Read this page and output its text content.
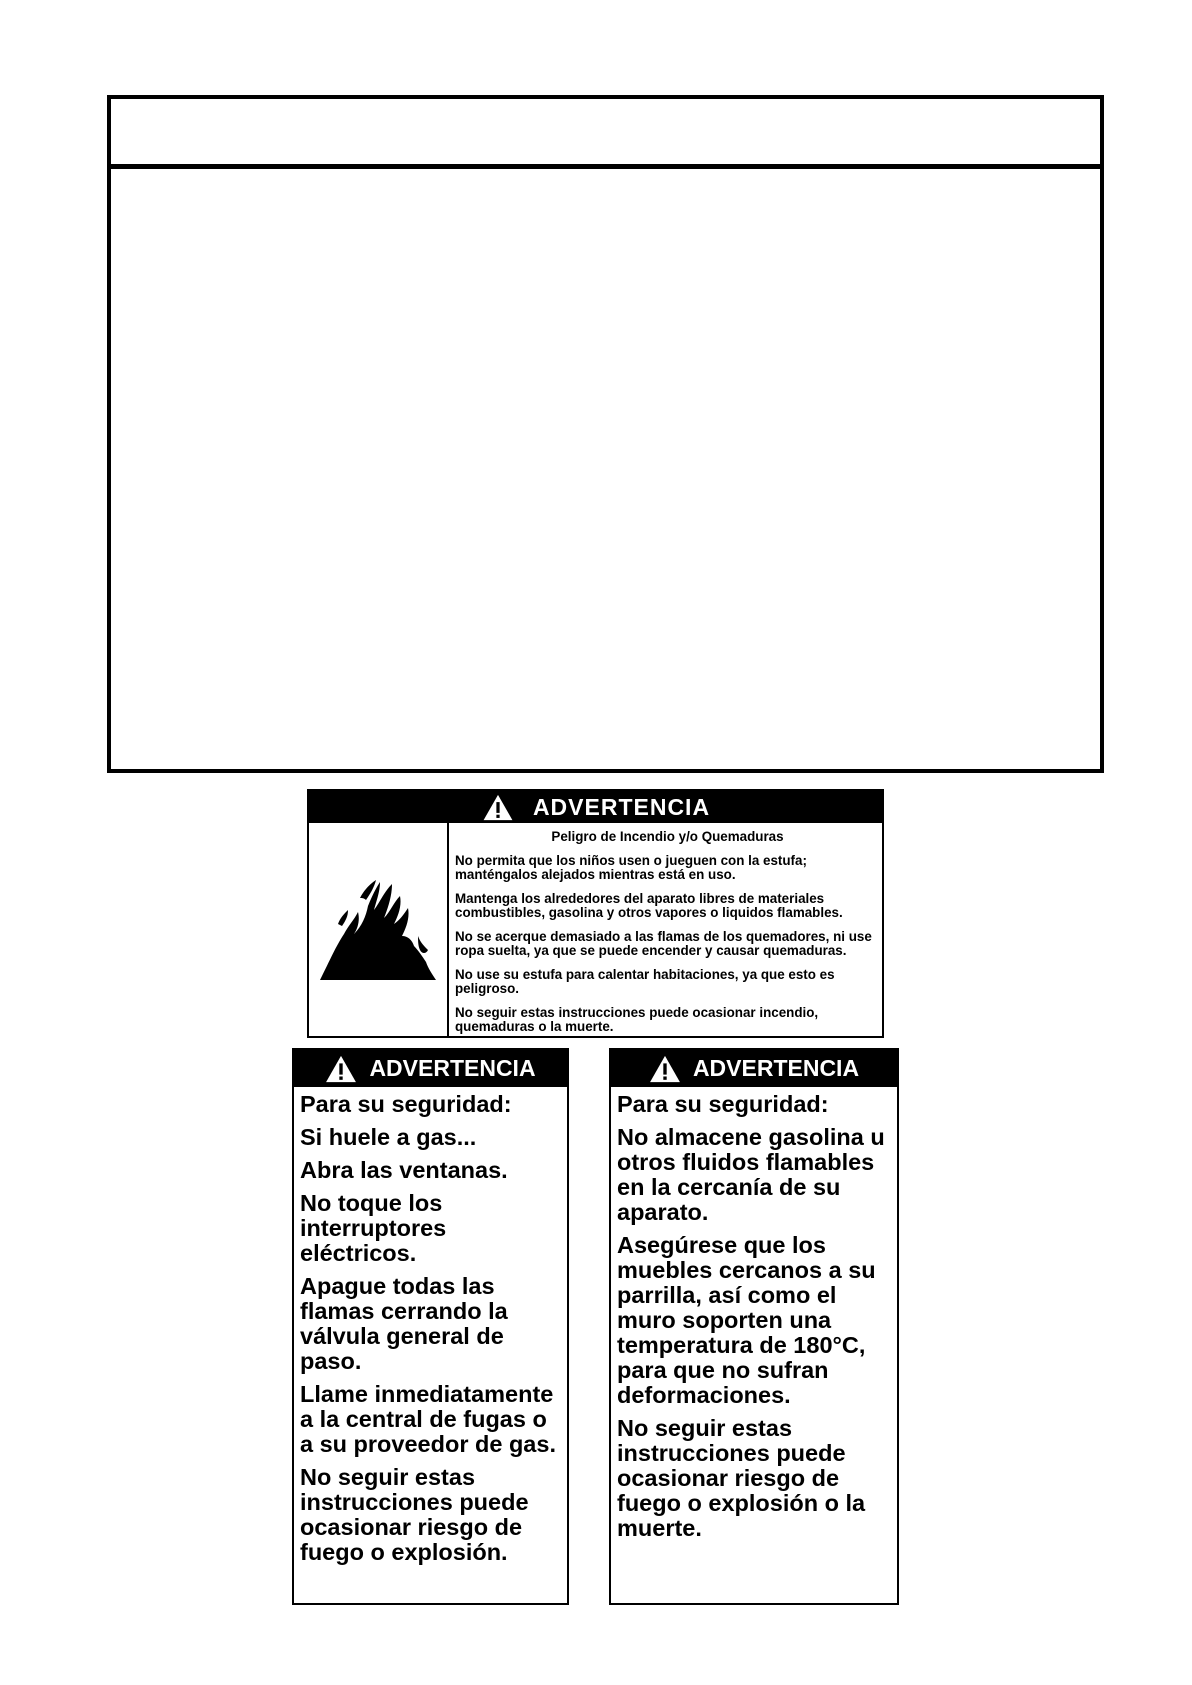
ADVERTENCIA
Peligro de Incendio y/o Quemaduras

No permita que los niños usen o jueguen con la estufa; manténgalos alejados mientras está en uso.

Mantenga los alrededores del aparato libres de materiales combustibles, gasolina y otros vapores o liquidos flamables.

No se acerque demasiado a las flamas de los quemadores, ni use ropa suelta, ya que se puede encender y causar quemaduras.

No use su estufa para calentar habitaciones, ya que esto es peligroso.

No seguir estas instrucciones puede ocasionar incendio, quemaduras o la muerte.

ADVERTENCIA

Para su seguridad:

Si huele a gas...

Abra las ventanas.

No toque los interruptores eléctricos.

Apague todas las flamas cerrando la válvula general de paso.

Llame inmediatamente a la central de fugas o a su proveedor de gas.

No seguir estas instrucciones puede ocasionar riesgo de fuego o explosión.

ADVERTENCIA

Para su seguridad:

No almacene gasolina u otros fluidos flamables en la cercanía de su aparato.

Asegúrese que los muebles cercanos a su parrilla, así como el muro soporten una temperatura de 180°C, para que no sufran deformaciones.

No seguir estas instrucciones puede ocasionar riesgo de fuego o explosión o la muerte.
